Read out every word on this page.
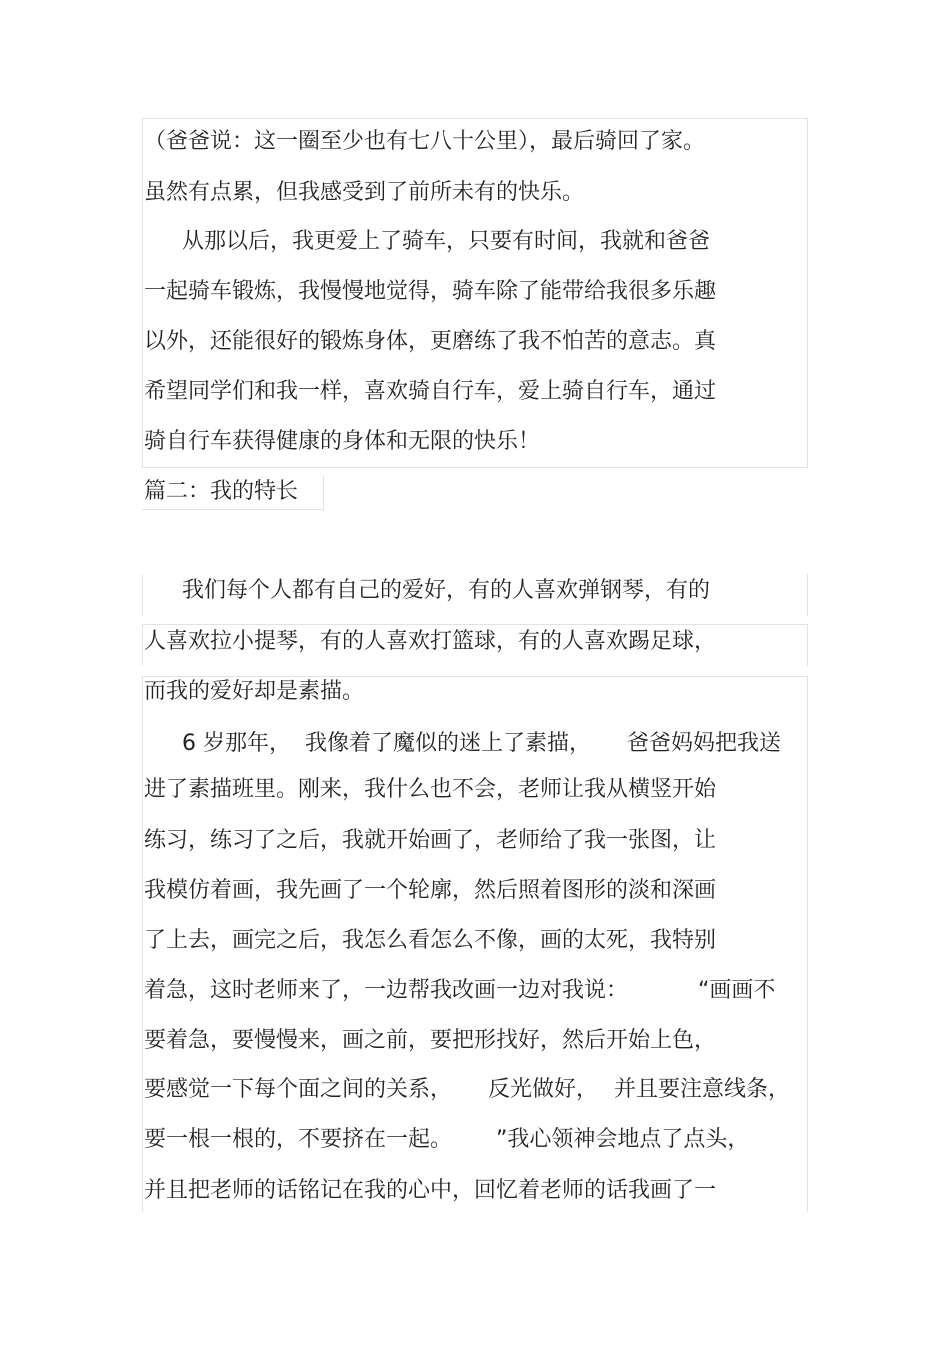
（爸爸说：这一圈至少也有七八十公里），最后骑回了家。
虽然有点累，但我感受到了前所未有的快乐。
从那以后，我更爱上了骑车，只要有时间，我就和爸爸
一起骑车锻炼，我慢慢地觉得，骑车除了能带给我很多乐趣
以外，还能很好的锻炼身体，更磨练了我不怕苦的意志。真
希望同学们和我一样，喜欢骑自行车，爱上骑自行车，通过
骑自行车获得健康的身体和无限的快乐！
篇二：我的特长
我们每个人都有自己的爱好，有的人喜欢弹钢琴，有的
人喜欢拉小提琴，有的人喜欢打篮球，有的人喜欢踢足球，
而我的爱好却是素描。
6 岁那年， 我像着了魔似的迷上了素描， 爸爸妈妈把我送
进了素描班里。刚来，我什么也不会，老师让我从横竖开始
练习，练习了之后，我就开始画了，老师给了我一张图，让
我模仿着画，我先画了一个轮廓，然后照着图形的淡和深画
了上去，画完之后，我怎么看怎么不像，画的太死，我特别
着急，这时老师来了，一边帮我改画一边对我说：	“画画不
要着急，要慢慢来，画之前，要把形找好，然后开始上色，
要感觉一下每个面之间的关系， 反光做好， 并且要注意线条，
要一根一根的，不要挤在一起。 ”我心领神会地点了点头，
并且把老师的话铭记在我的心中，回忆着老师的话我画了一
